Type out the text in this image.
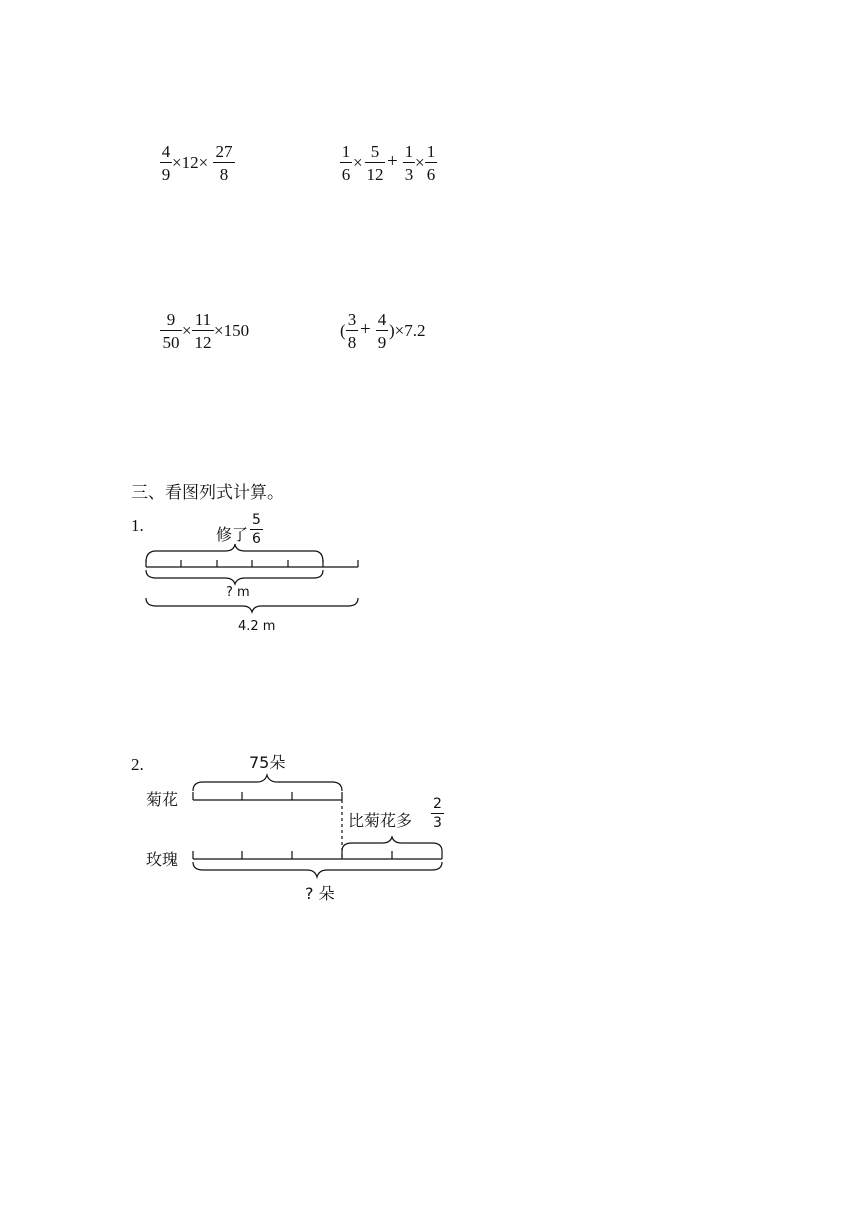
4
9
×12×
27
8
1
6
×
5
12
+ 1
3
×
1
6
9
50
×
11
12
×150	(
3
8
+ 4
9
)×7.2
三、看图列式计算。
1.	修了
5
6
? m
4.2 m
2.	75朵
菊花
玫瑰
比菊花多
2
3
? 朵
